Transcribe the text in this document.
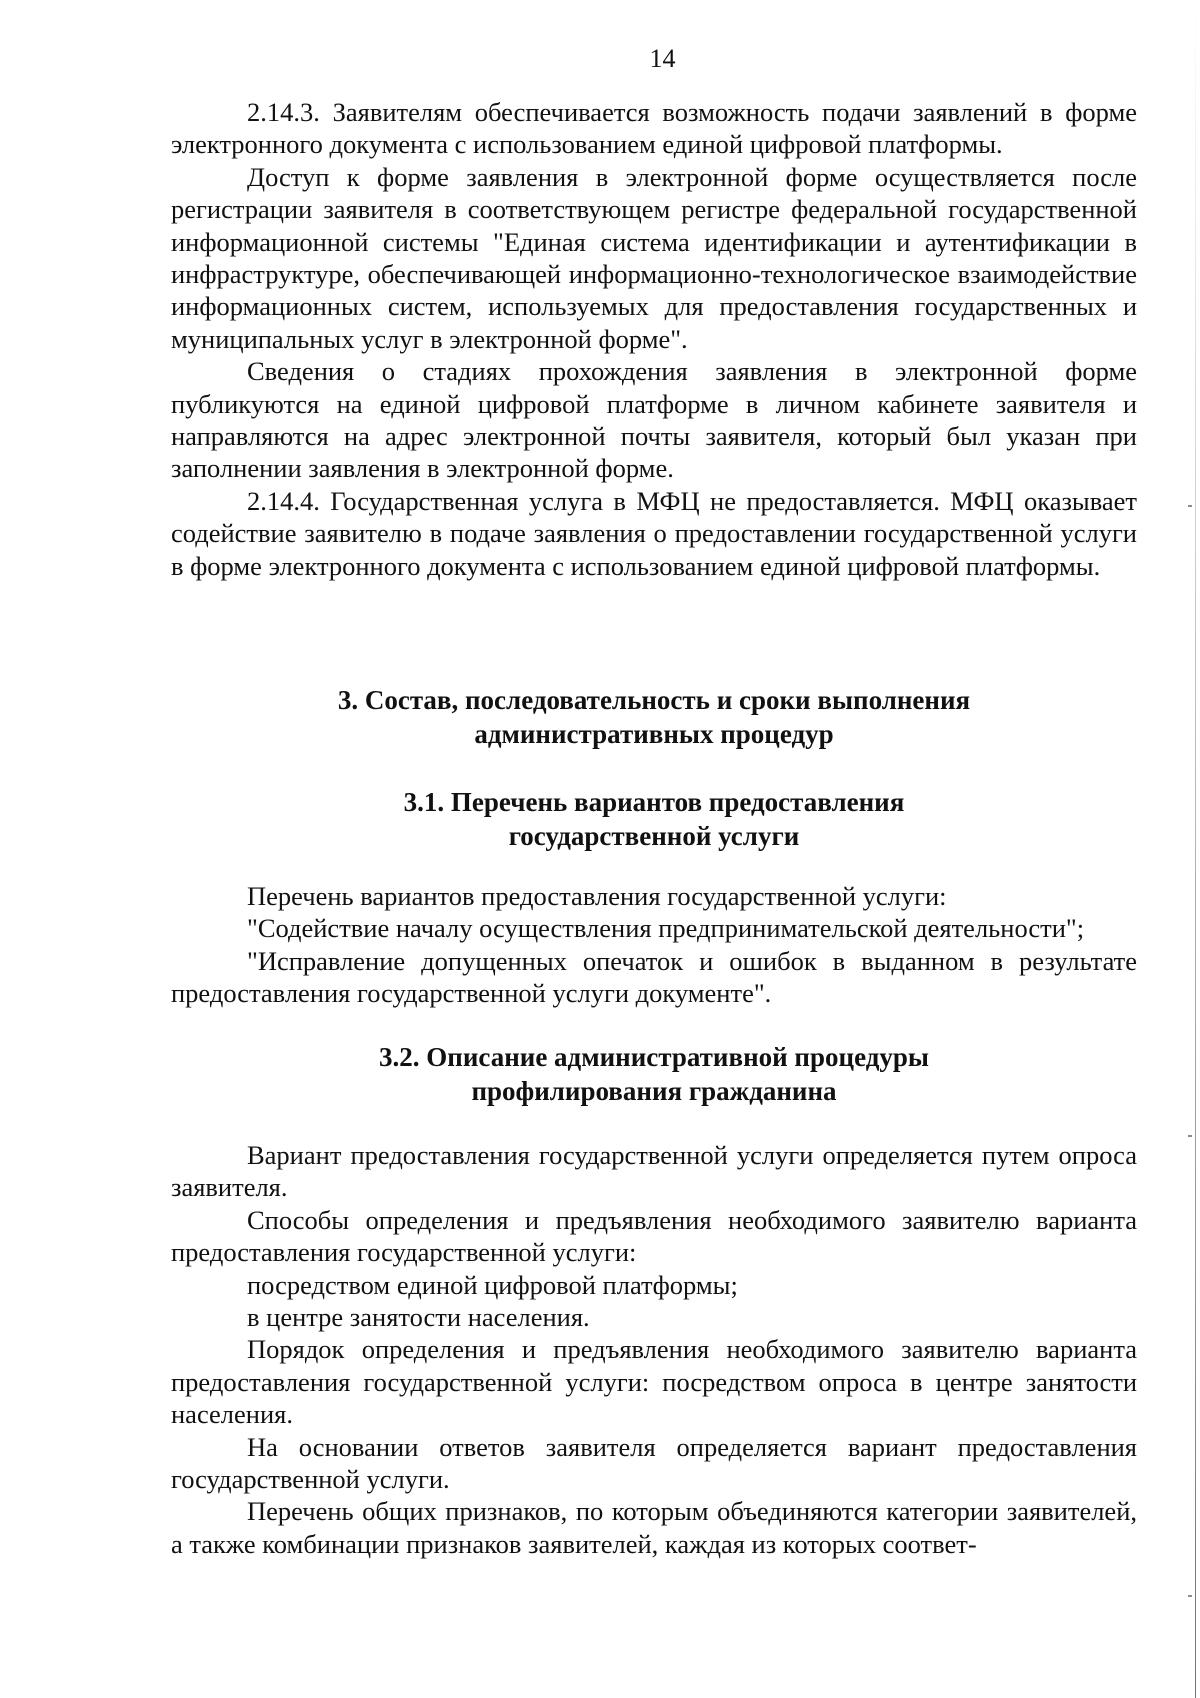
14

2.14.3. Заявителям обеспечивается возможность подачи заявлений в форме электронного документа с использованием единой цифровой платформы.

Доступ к форме заявления в электронной форме осуществляется после регистрации заявителя в соответствующем регистре федеральной государственной информационной системы "Единая система идентификации и аутентификации в инфраструктуре, обеспечивающей информационно-технологическое взаимодействие информационных систем, используемых для предоставления государственных и муниципальных услуг в электронной форме".

Сведения о стадиях прохождения заявления в электронной форме публикуются на единой цифровой платформе в личном кабинете заявителя и направляются на адрес электронной почты заявителя, который был указан при заполнении заявления в электронной форме.

2.14.4. Государственная услуга в МФЦ не предоставляется. МФЦ оказывает содействие заявителю в подаче заявления о предоставлении государственной услуги в форме электронного документа с использованием единой цифровой платформы.

3. Состав, последовательность и сроки выполнения
административных процедур
3.1. Перечень вариантов предоставления
государственной услуги

Перечень вариантов предоставления государственной услуги:

"Содействие началу осуществления предпринимательской деятельности";

"Исправление допущенных опечаток и ошибок в выданном в результате предоставления государственной услуги документе".

3.2. Описание административной процедуры
профилирования гражданина

Вариант предоставления государственной услуги определяется путем опроса заявителя.

Способы определения и предъявления необходимого заявителю варианта предоставления государственной услуги:

посредством единой цифровой платформы;

в центре занятости населения.

Порядок определения и предъявления необходимого заявителю варианта предоставления государственной услуги: посредством опроса в центре занятости населения.

На основании ответов заявителя определяется вариант предоставления государственной услуги.

Перечень общих признаков, по которым объединяются категории заявителей, а также комбинации признаков заявителей, каждая из которых соответ-
